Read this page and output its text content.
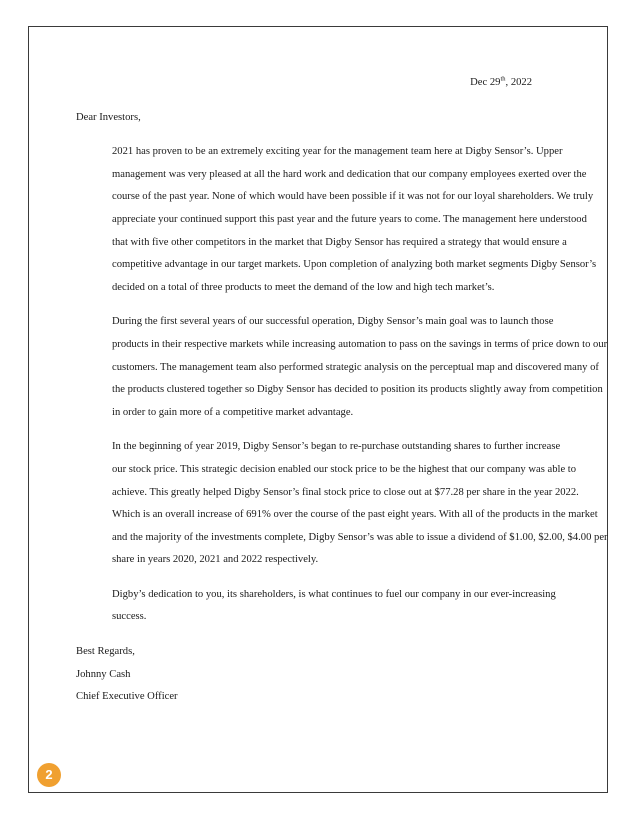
Dec 29th, 2022
Dear Investors,
2021 has proven to be an extremely exciting year for the management team here at Digby Sensor’s. Upper
management was very pleased at all the hard work and dedication that our company employees exerted over the
course of the past year. None of which would have been possible if it was not for our loyal shareholders. We truly
appreciate your continued support this past year and the future years to come. The management here understood
that with five other competitors in the market that Digby Sensor has required a strategy that would ensure a
competitive advantage in our target markets. Upon completion of analyzing both market segments Digby Sensor’s
decided on a total of three products to meet the demand of the low and high tech market’s.
During the first several years of our successful operation, Digby Sensor’s main goal was to launch those
products in their respective markets while increasing automation to pass on the savings in terms of price down to our
customers. The management team also performed strategic analysis on the perceptual map and discovered many of
the products clustered together so Digby Sensor has decided to position its products slightly away from competition
in order to gain more of a competitive market advantage.
In the beginning of year 2019, Digby Sensor’s began to re-purchase outstanding shares to further increase
our stock price. This strategic decision enabled our stock price to be the highest that our company was able to
achieve. This greatly helped Digby Sensor’s final stock price to close out at $77.28 per share in the year 2022.
Which is an overall increase of 691% over the course of the past eight years. With all of the products in the market
and the majority of the investments complete, Digby Sensor’s was able to issue a dividend of $1.00, $2.00, $4.00 per
share in years 2020, 2021 and 2022 respectively.
Digby’s dedication to you, its shareholders, is what continues to fuel our company in our ever-increasing
success.
Best Regards,
Johnny Cash
Chief Executive Officer
2
